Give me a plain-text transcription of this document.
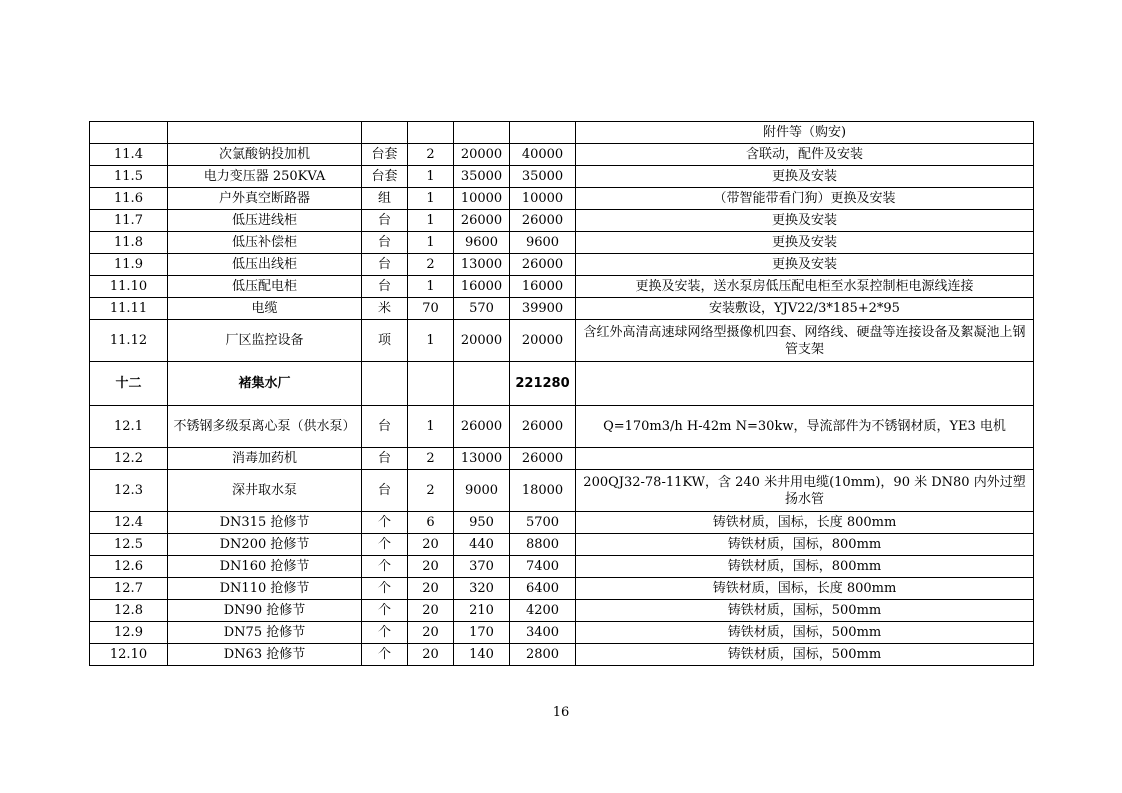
						附件等（购安)
11.4	次氯酸钠投加机	台套	2	20000	40000	含联动，配件及安装
11.5	电力变压器 250KVA	台套	1	35000	35000	更换及安装
11.6	户外真空断路器	组	1	10000	10000	（带智能带看门狗）更换及安装
11.7	低压进线柜	台	1	26000	26000	更换及安装
11.8	低压补偿柜	台	1	9600	9600	更换及安装
11.9	低压出线柜	台	2	13000	26000	更换及安装
11.10	低压配电柜	台	1	16000	16000	更换及安装，送水泵房低压配电柜至水泵控制柜电源线连接
11.11	电缆	米	70	570	39900	安装敷设，YJV22/3*185+2*95
11.12	厂区监控设备	项	1	20000	20000	含红外高清高速球网络型摄像机四套、网络线、硬盘等连接设备及絮凝池上钢管支架
十二	褚集水厂				221280	
12.1	不锈钢多级泵离心泵（供水泵）	台	1	26000	26000	Q=170m3/h H-42m N=30kw，导流部件为不锈钢材质，YE3 电机
12.2	消毒加药机	台	2	13000	26000	
12.3	深井取水泵	台	2	9000	18000	200QJ32-78-11KW，含 240 米井用电缆(10mm)，90 米 DN80 内外过塑扬水管
12.4	DN315 抢修节	个	6	950	5700	铸铁材质，国标，长度 800mm
12.5	DN200 抢修节	个	20	440	8800	铸铁材质，国标，800mm
12.6	DN160 抢修节	个	20	370	7400	铸铁材质，国标，800mm
12.7	DN110 抢修节	个	20	320	6400	铸铁材质，国标，长度 800mm
12.8	DN90 抢修节	个	20	210	4200	铸铁材质，国标，500mm
12.9	DN75 抢修节	个	20	170	3400	铸铁材质，国标，500mm
12.10	DN63 抢修节	个	20	140	2800	铸铁材质，国标，500mm
16
